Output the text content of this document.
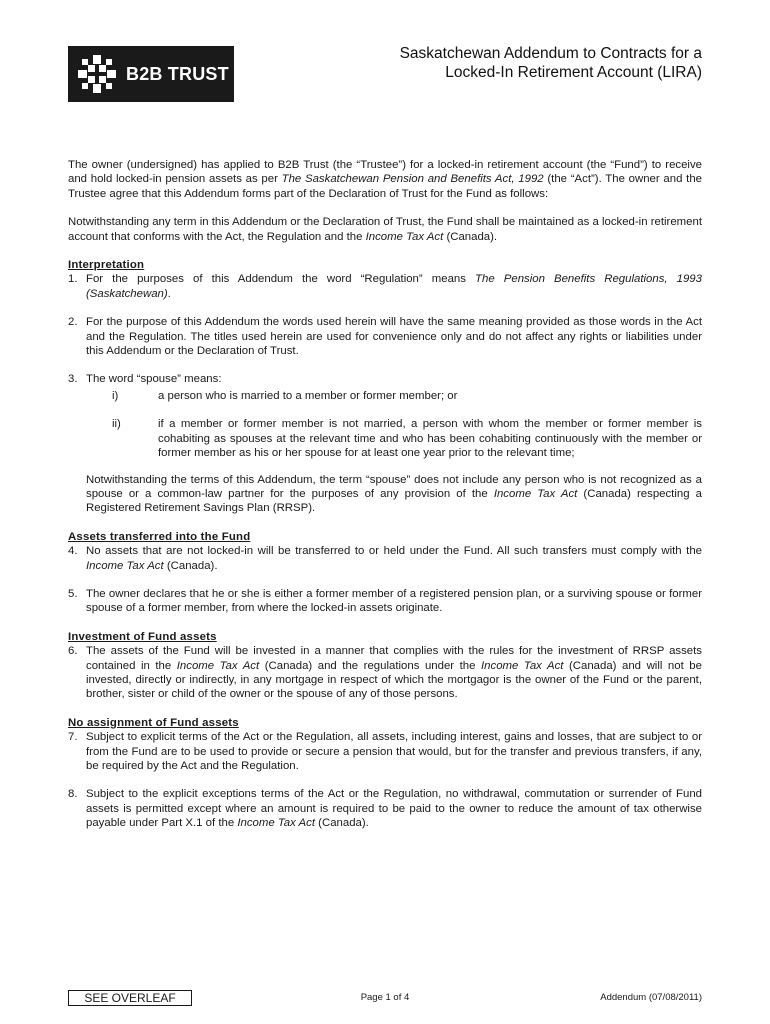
B2B TRUST
Saskatchewan Addendum to Contracts for a
Locked-In Retirement Account (LIRA)

The owner (undersigned) has applied to B2B Trust (the “Trustee”) for a locked-in retirement account (the “Fund”) to receive and hold locked-in pension assets as per The Saskatchewan Pension and Benefits Act, 1992 (the “Act”). The owner and the Trustee agree that this Addendum forms part of the Declaration of Trust for the Fund as follows:

Notwithstanding any term in this Addendum or the Declaration of Trust, the Fund shall be maintained as a locked-in retirement account that conforms with the Act, the Regulation and the Income Tax Act (Canada).

Interpretation

1. For the purposes of this Addendum the word “Regulation” means The Pension Benefits Regulations, 1993 (Saskatchewan).
2. For the purpose of this Addendum the words used herein will have the same meaning provided as those words in the Act and the Regulation. The titles used herein are used for convenience only and do not affect any rights or liabilities under this Addendum or the Declaration of Trust.
3. The word “spouse” means:
i)	a person who is married to a member or former member; or
ii)	if a member or former member is not married, a person with whom the member or former member is cohabiting as spouses at the relevant time and who has been cohabiting continuously with the member or former member as his or her spouse for at least one year prior to the relevant time;

Notwithstanding the terms of this Addendum, the term “spouse” does not include any person who is not recognized as a spouse or a common-law partner for the purposes of any provision of the Income Tax Act (Canada) respecting a Registered Retirement Savings Plan (RRSP).

Assets transferred into the Fund

4. No assets that are not locked-in will be transferred to or held under the Fund. All such transfers must comply with the Income Tax Act (Canada).
5. The owner declares that he or she is either a former member of a registered pension plan, or a surviving spouse or former spouse of a former member, from where the locked-in assets originate.

Investment of Fund assets

6. The assets of the Fund will be invested in a manner that complies with the rules for the investment of RRSP assets contained in the Income Tax Act (Canada) and the regulations under the Income Tax Act (Canada) and will not be invested, directly or indirectly, in any mortgage in respect of which the mortgagor is the owner of the Fund or the parent, brother, sister or child of the owner or the spouse of any of those persons.

No assignment of Fund assets

7. Subject to explicit terms of the Act or the Regulation, all assets, including interest, gains and losses, that are subject to or from the Fund are to be used to provide or secure a pension that would, but for the transfer and previous transfers, if any, be required by the Act and the Regulation.
8. Subject to the explicit exceptions terms of the Act or the Regulation, no withdrawal, commutation or surrender of Fund assets is permitted except where an amount is required to be paid to the owner to reduce the amount of tax otherwise payable under Part X.1 of the Income Tax Act (Canada).
SEE OVERLEAF	Page 1 of 4	Addendum (07/08/2011)
